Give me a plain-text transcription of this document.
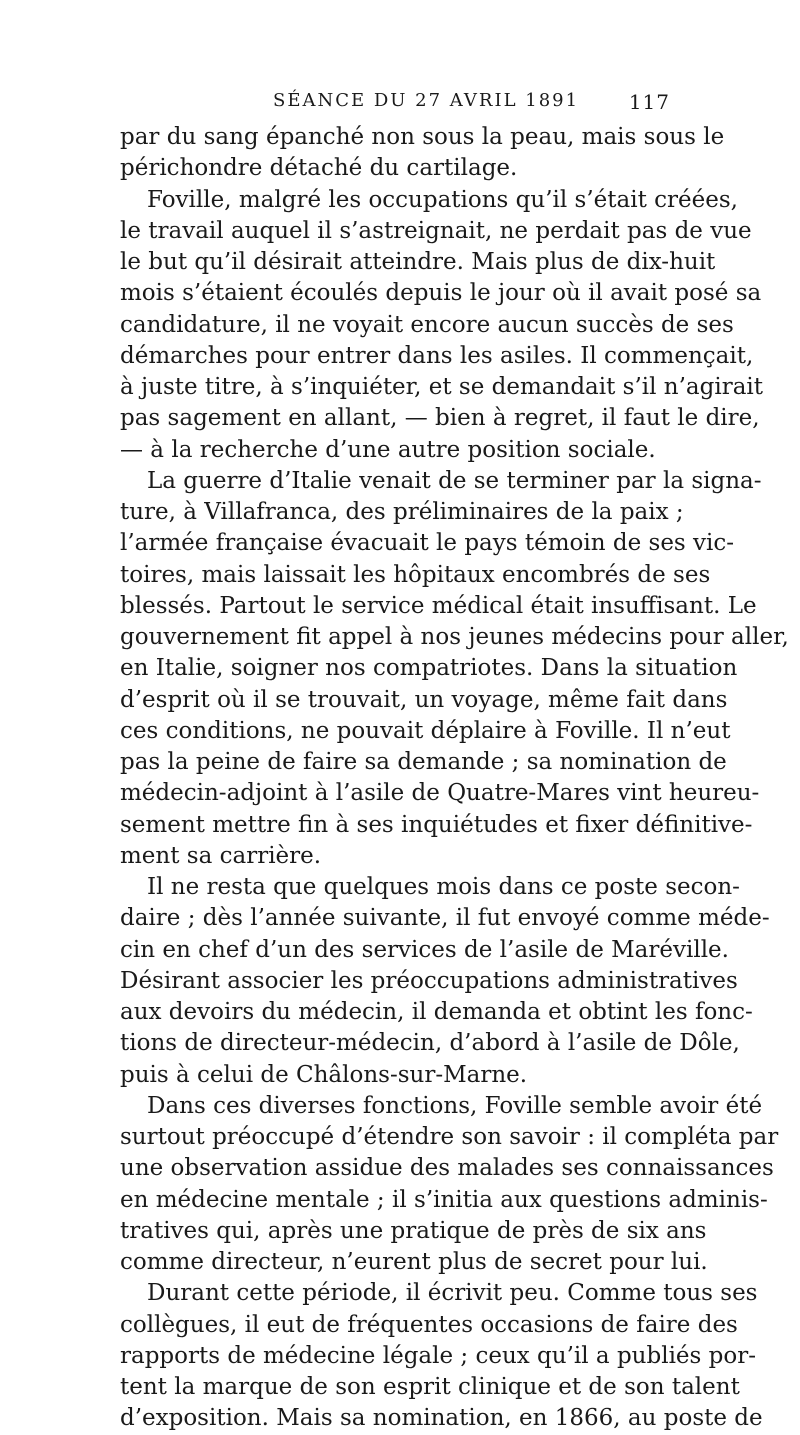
SÉANCE DU 27 AVRIL 1891 117
par du sang épanché non sous la peau, mais sous le
périchondre détaché du cartilage.
Foville, malgré les occupations qu’il s’était créées,
le travail auquel il s’astreignait, ne perdait pas de vue
le but qu’il désirait atteindre. Mais plus de dix-huit
mois s’étaient écoulés depuis le jour où il avait posé sa
candidature, il ne voyait encore aucun succès de ses
démarches pour entrer dans les asiles. Il commençait,
à juste titre, à s’inquiéter, et se demandait s’il n’agirait
pas sagement en allant, — bien à regret, il faut le dire,
— à la recherche d’une autre position sociale.
La guerre d’Italie venait de se terminer par la signa-
ture, à Villafranca, des préliminaires de la paix ;
l’armée française évacuait le pays témoin de ses vic-
toires, mais laissait les hôpitaux encombrés de ses
blessés. Partout le service médical était insuffisant. Le
gouvernement fit appel à nos jeunes médecins pour aller,
en Italie, soigner nos compatriotes. Dans la situation
d’esprit où il se trouvait, un voyage, même fait dans
ces conditions, ne pouvait déplaire à Foville. Il n’eut
pas la peine de faire sa demande ; sa nomination de
médecin-adjoint à l’asile de Quatre-Mares vint heureu-
sement mettre fin à ses inquiétudes et fixer définitive-
ment sa carrière.
Il ne resta que quelques mois dans ce poste secon-
daire ; dès l’année suivante, il fut envoyé comme méde-
cin en chef d’un des services de l’asile de Maréville.
Désirant associer les préoccupations administratives
aux devoirs du médecin, il demanda et obtint les fonc-
tions de directeur-médecin, d’abord à l’asile de Dôle,
puis à celui de Châlons-sur-Marne.
Dans ces diverses fonctions, Foville semble avoir été
surtout préoccupé d’étendre son savoir : il compléta par
une observation assidue des malades ses connaissances
en médecine mentale ; il s’initia aux questions adminis-
tratives qui, après une pratique de près de six ans
comme directeur, n’eurent plus de secret pour lui.
Durant cette période, il écrivit peu. Comme tous ses
collègues, il eut de fréquentes occasions de faire des
rapports de médecine légale ; ceux qu’il a publiés por-
tent la marque de son esprit clinique et de son talent
d’exposition. Mais sa nomination, en 1866, au poste de
